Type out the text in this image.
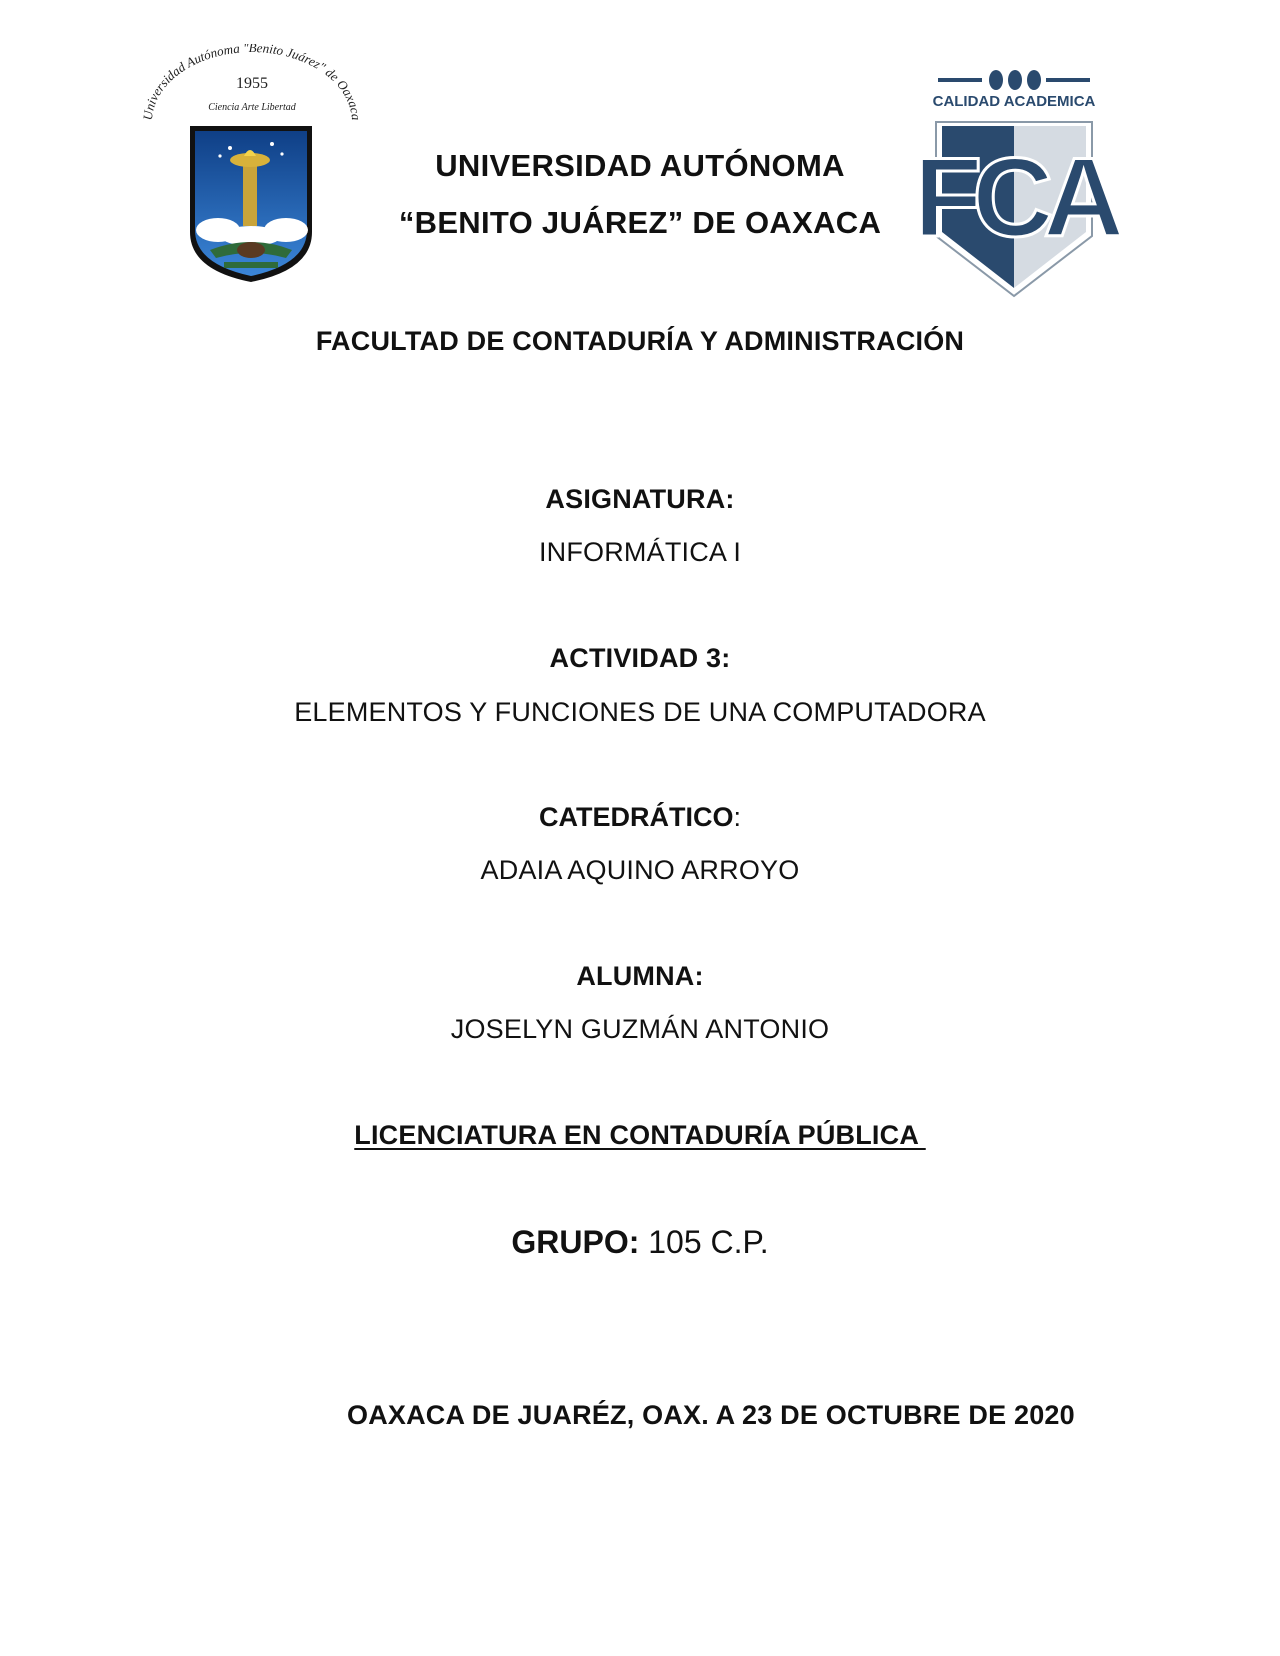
Universidad Autónoma "Benito Juárez" de Oaxaca
1955
Ciencia Arte Libertad
UNIVERSIDAD AUTÓNOMA
“BENITO JUÁREZ” DE OAXACA
CALIDAD ACADEMICA
FCA
FACULTAD DE CONTADURÍA Y ADMINISTRACIÓN
ASIGNATURA:
INFORMÁTICA I
ACTIVIDAD 3:
ELEMENTOS Y FUNCIONES DE UNA COMPUTADORA
CATEDRÁTICO:
ADAIA AQUINO ARROYO
ALUMNA:
JOSELYN GUZMÁN ANTONIO
LICENCIATURA EN CONTADURÍA PÚBLICA
GRUPO: 105 C.P.
OAXACA DE JUARÉZ, OAX. A 23 DE OCTUBRE DE 2020
